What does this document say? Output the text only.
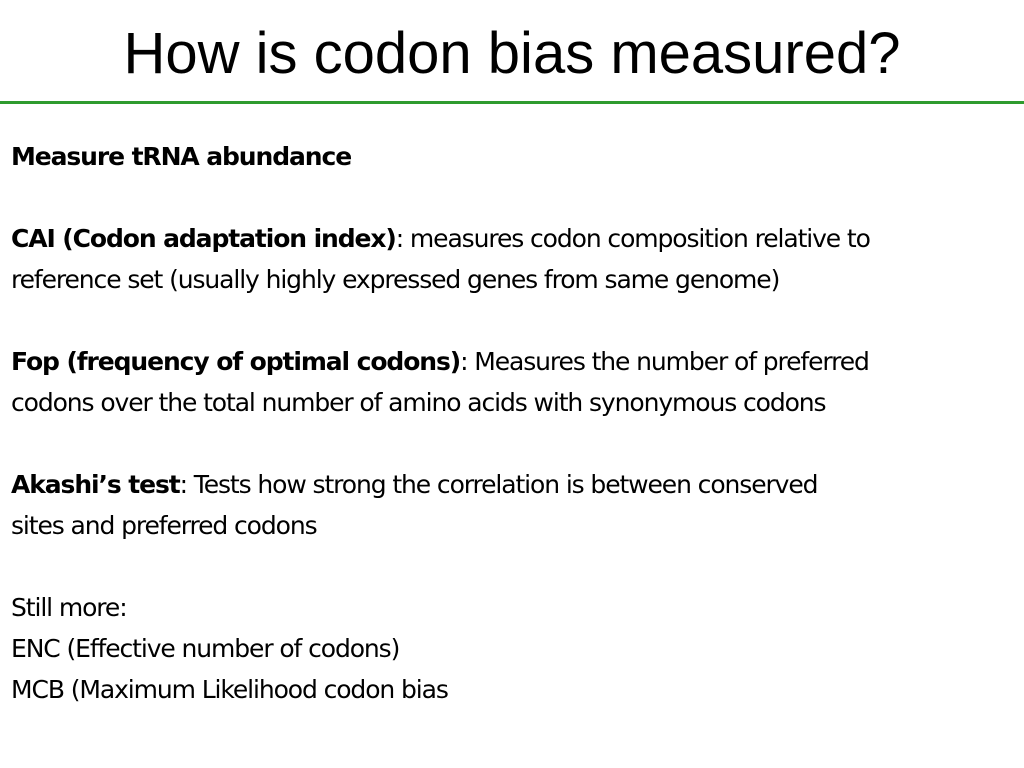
How is codon bias measured?

Measure tRNA abundance

CAI (Codon adaptation index): measures codon composition relative to

reference set (usually highly expressed genes from same genome)

Fop (frequency of optimal codons): Measures the number of preferred

codons over the total number of amino acids with synonymous codons

Akashi’s test: Tests how strong the correlation is between conserved

sites and preferred codons

Still more:

ENC (Effective number of codons)

MCB (Maximum Likelihood codon bias
